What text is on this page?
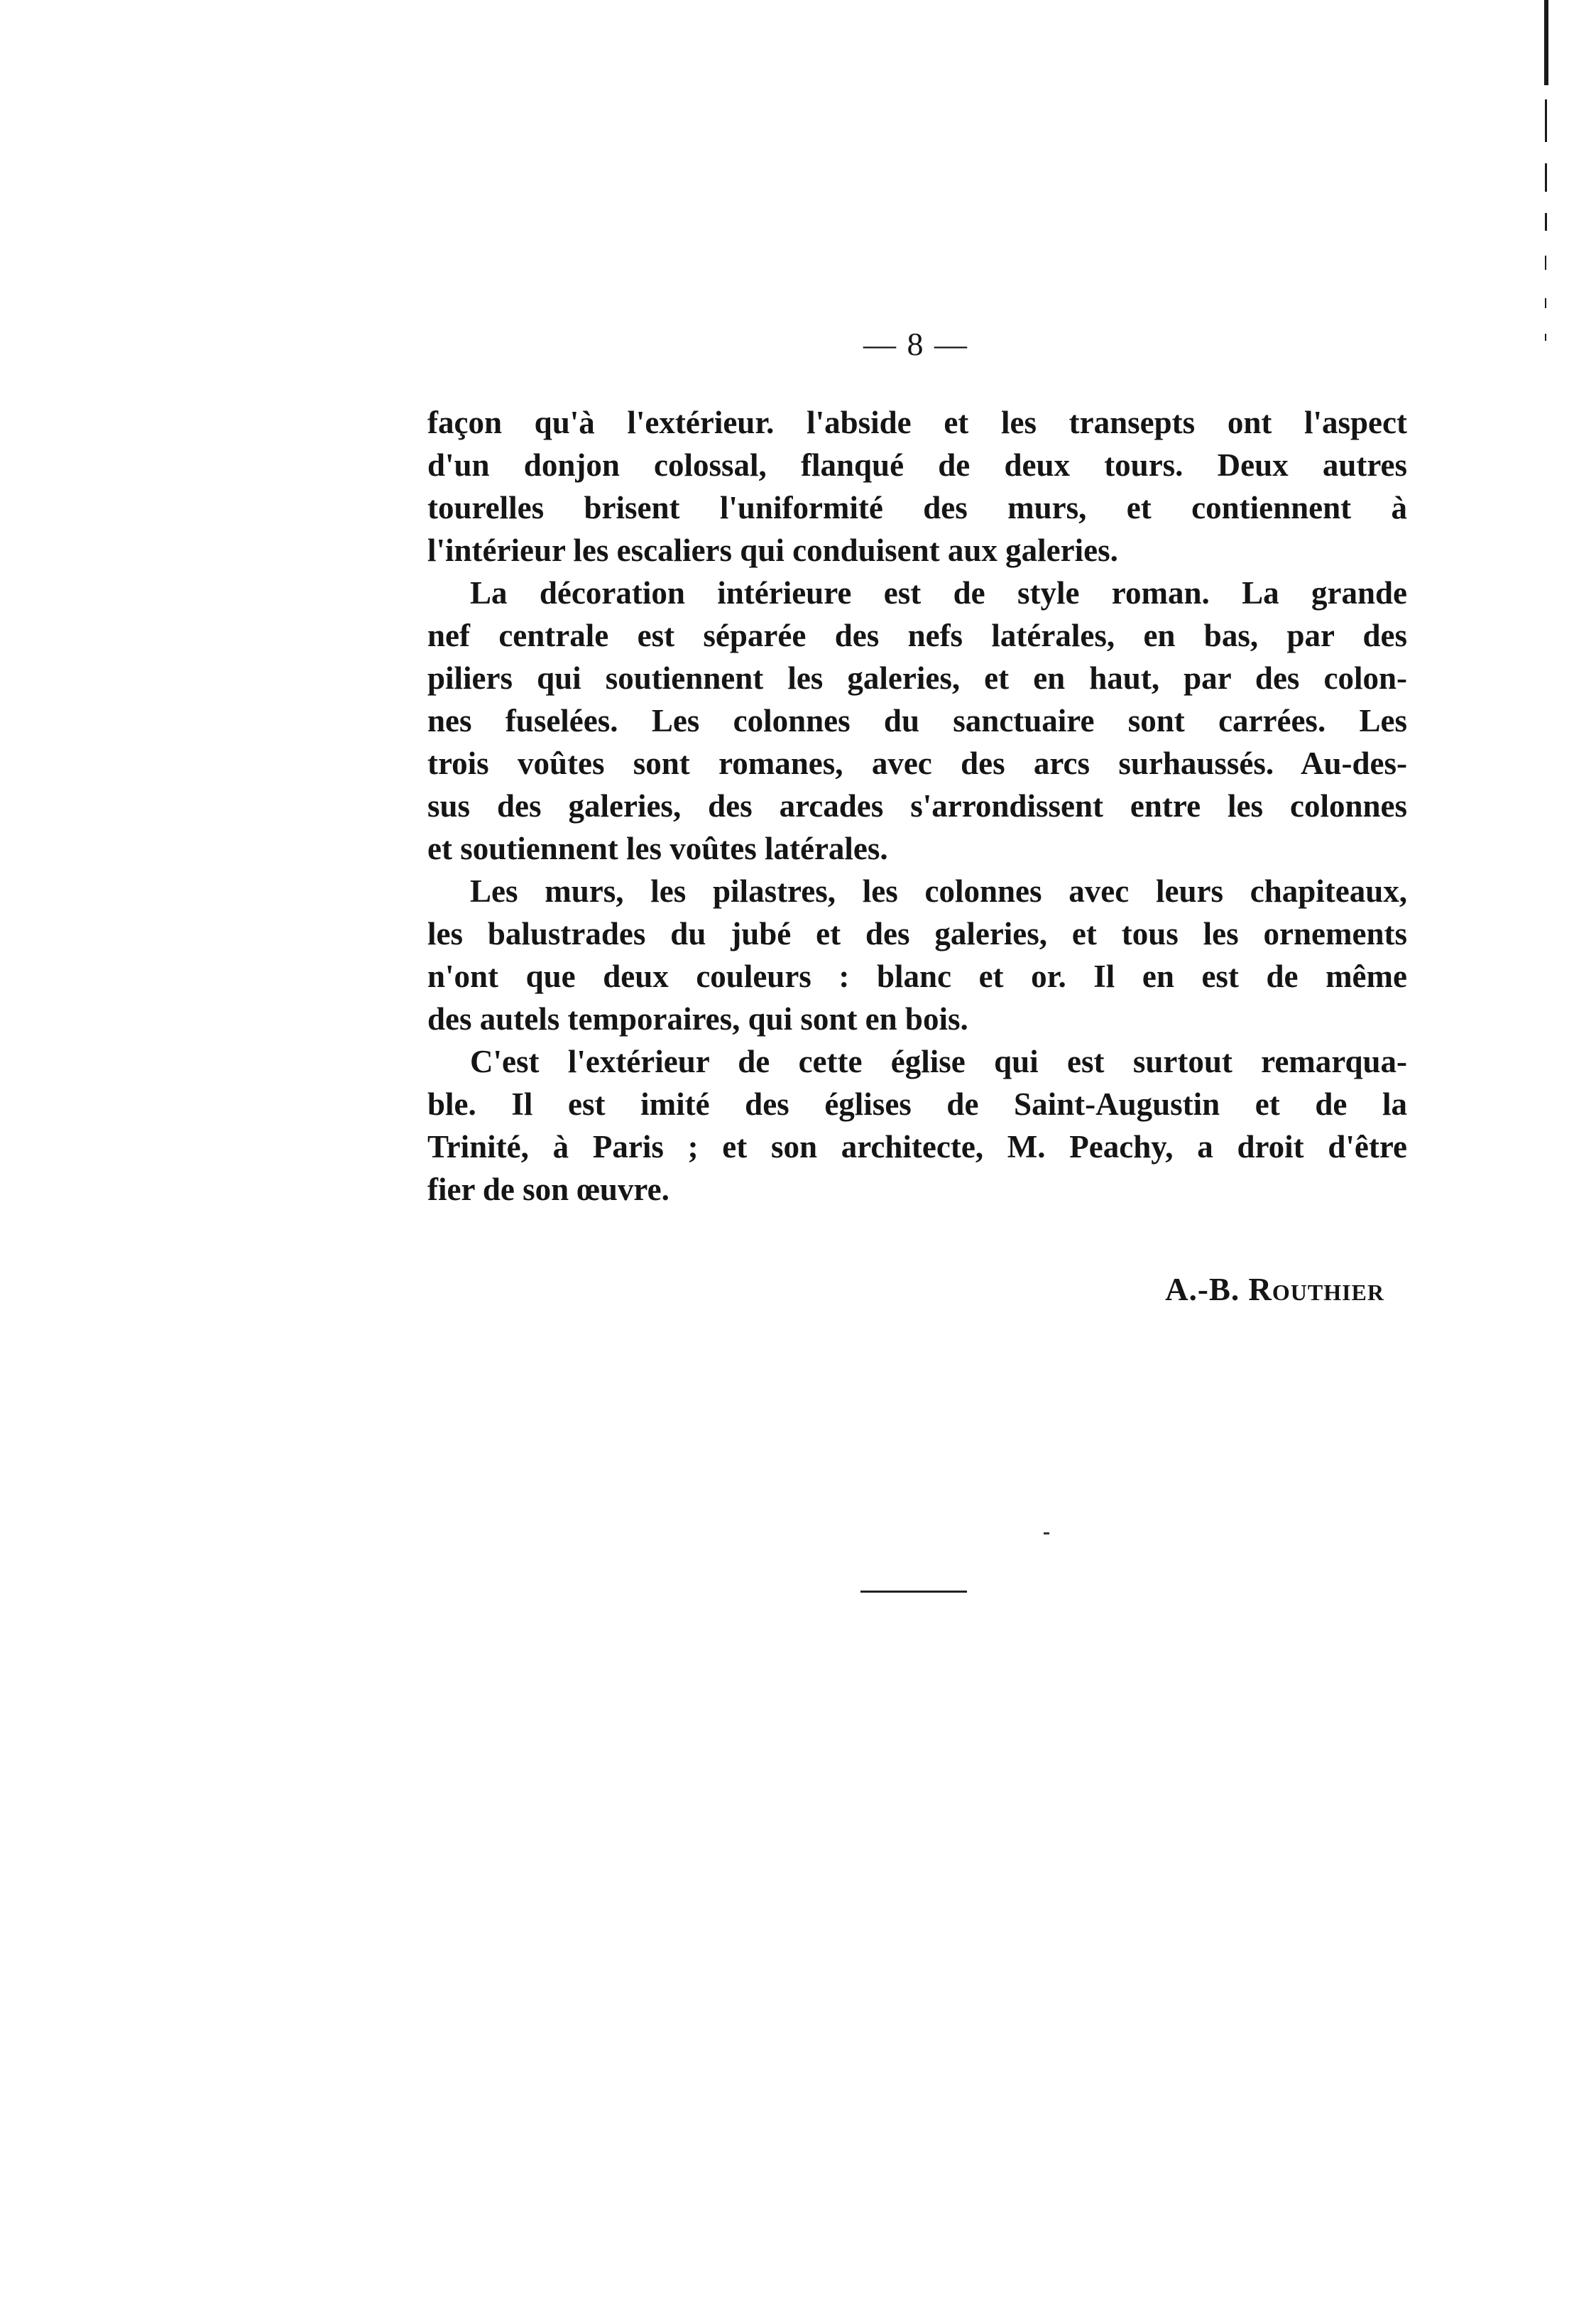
— 8 —

façon qu'à l'extérieur. l'abside et les transepts ont l'aspect
d'un donjon colossal, flanqué de deux tours. Deux autres
tourelles brisent l'uniformité des murs, et contiennent à
l'intérieur les escaliers qui conduisent aux galeries.

La décoration intérieure est de style roman. La grande
nef centrale est séparée des nefs latérales, en bas, par des
piliers qui soutiennent les galeries, et en haut, par des colon-
nes fuselées. Les colonnes du sanctuaire sont carrées. Les
trois voûtes sont romanes, avec des arcs surhaussés. Au-des-
sus des galeries, des arcades s'arrondissent entre les colonnes
et soutiennent les voûtes latérales.

Les murs, les pilastres, les colonnes avec leurs chapiteaux,
les balustrades du jubé et des galeries, et tous les ornements
n'ont que deux couleurs : blanc et or. Il en est de même
des autels temporaires, qui sont en bois.

C'est l'extérieur de cette église qui est surtout remarqua-
ble. Il est imité des églises de Saint-Augustin et de la
Trinité, à Paris ; et son architecte, M. Peachy, a droit d'être
fier de son œuvre.

A.-B. Routhier
